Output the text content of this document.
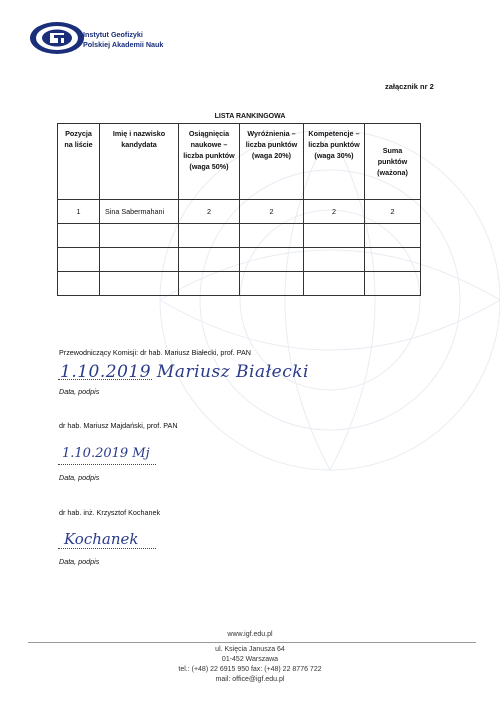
Instytut Geofizyki
Polskiej Akademii Nauk
załącznik nr 2
LISTA RANKINGOWA
Pozycja na liście	Imię i nazwisko kandydata	Osiągnięcia naukowe – liczba punktów (waga 50%)	Wyróżnienia – liczba punktów (waga 20%)	Kompetencje – liczba punktów (waga 30%)	Suma punktów (ważona)
1	Sina Sabermahani	2	2	2	2

Przewodniczący Komisji: dr hab. Mariusz Białecki, prof. PAN
1.10.2019 Mariusz Białecki
Data, podpis
dr hab. Mariusz Majdański, prof. PAN
1.10.2019 Mj
Data, podpis
dr hab. inż. Krzysztof Kochanek
Kochanek
Data, podpis
www.igf.edu.pl
ul. Księcia Janusza 64
01-452 Warszawa
tel.: (+48) 22 6915 950 fax: (+48) 22 8776 722
mail: office@igf.edu.pl
